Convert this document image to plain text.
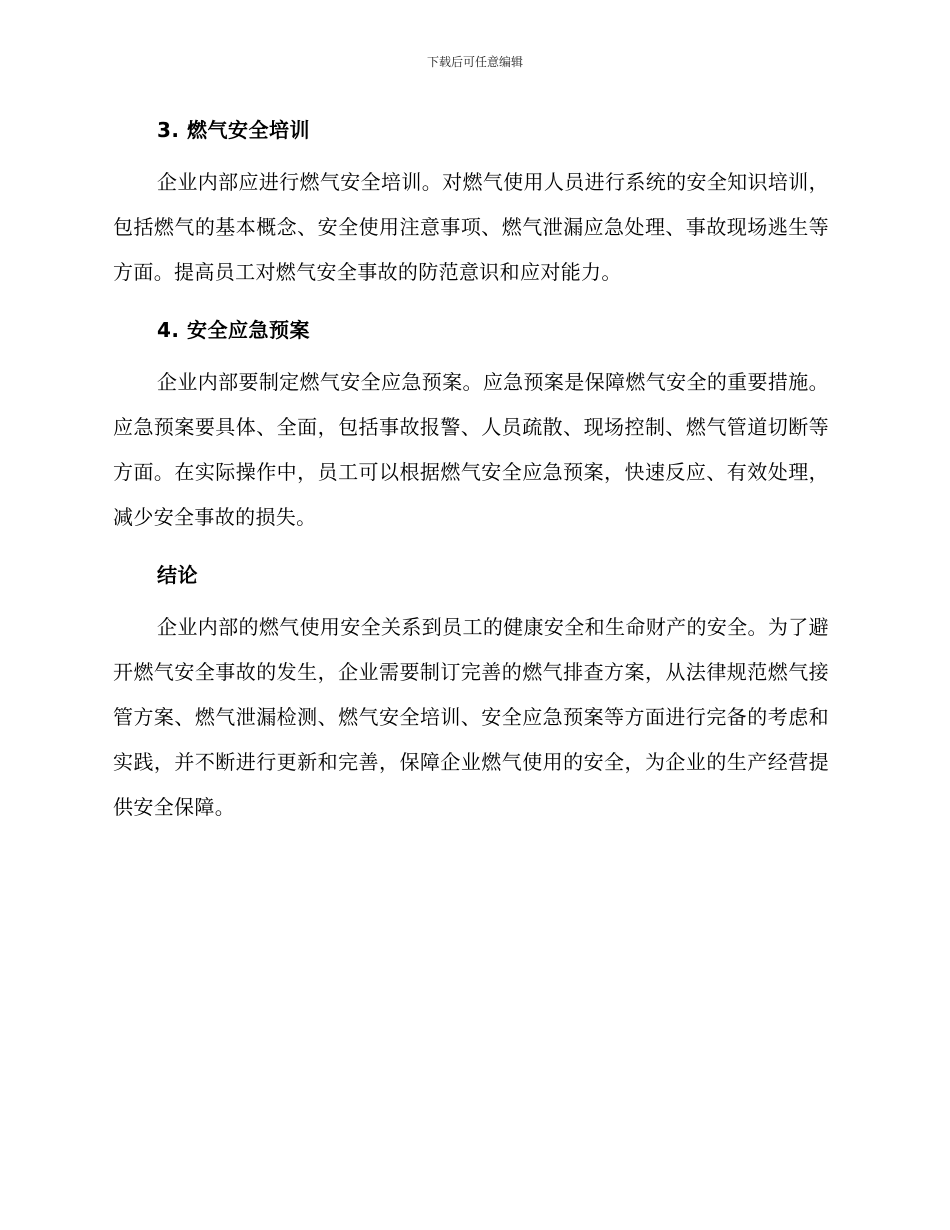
下载后可任意编辑
3. 燃气安全培训

企业内部应进行燃气安全培训。对燃气使用人员进行系统的安全知识培训，包括燃气的基本概念、安全使用注意事项、燃气泄漏应急处理、事故现场逃生等方面。提高员工对燃气安全事故的防范意识和应对能力。

4. 安全应急预案

企业内部要制定燃气安全应急预案。应急预案是保障燃气安全的重要措施。应急预案要具体、全面，包括事故报警、人员疏散、现场控制、燃气管道切断等方面。在实际操作中，员工可以根据燃气安全应急预案，快速反应、有效处理，减少安全事故的损失。

结论

企业内部的燃气使用安全关系到员工的健康安全和生命财产的安全。为了避开燃气安全事故的发生，企业需要制订完善的燃气排查方案，从法律规范燃气接管方案、燃气泄漏检测、燃气安全培训、安全应急预案等方面进行完备的考虑和实践，并不断进行更新和完善，保障企业燃气使用的安全，为企业的生产经营提供安全保障。
